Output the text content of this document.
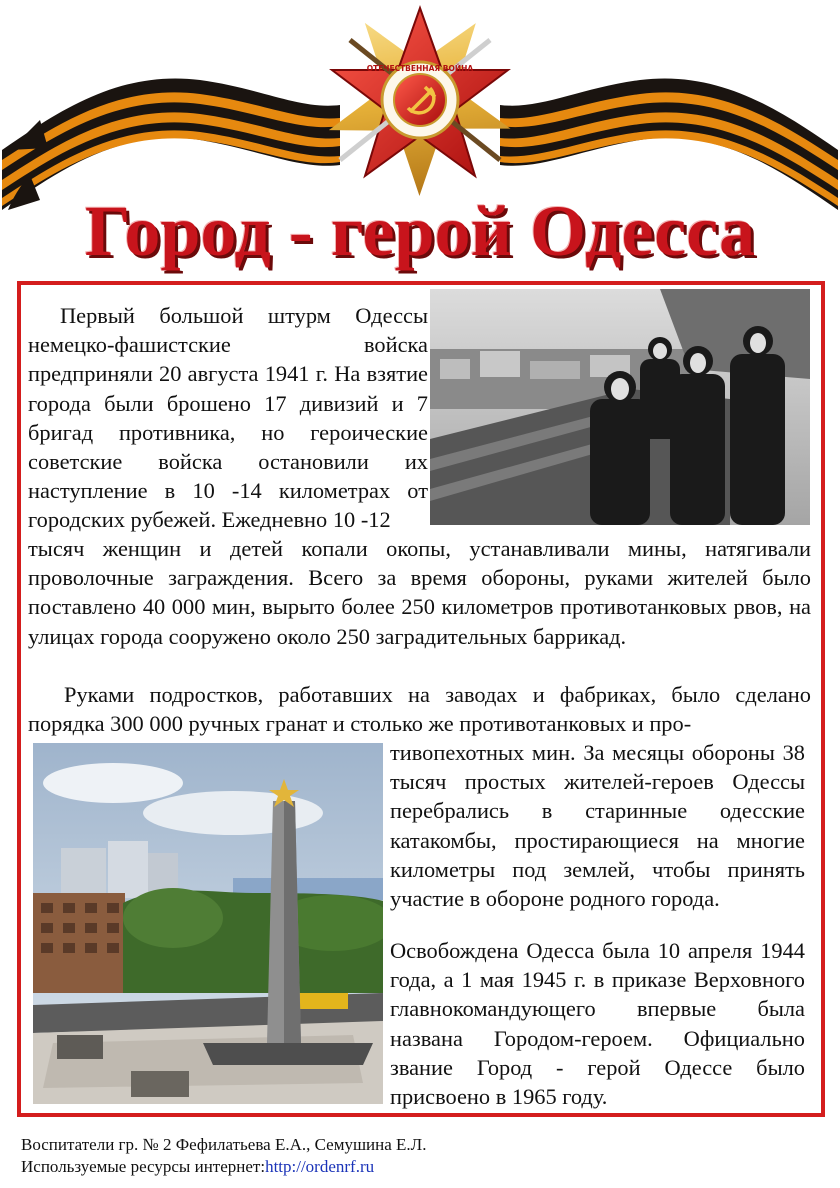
ОТЕЧЕСТВЕННАЯ ВОЙНА
Город - герой Одесса

Первый большой штурм Одессы немецко-фашистские войска предприняли 20 августа 1941 г. На взятие города были брошено 17 дивизий и 7 бригад противника, но героические советские войска остановили их наступление в 10 -14 километрах от городских рубежей. Ежедневно 10 -12

тысяч женщин и детей копали окопы, устанавливали мины, натягивали проволочные заграждения. Всего за время обороны, руками жителей было поставлено 40 000 мин, вырыто более 250 километров противотанковых рвов, на улицах города сооружено около 250 заградительных баррикад.

Руками подростков, работавших на заводах и фабриках, было сделано порядка 300 000 ручных гранат и столько же противотанковых и про-

тивопехотных мин. За месяцы обороны 38 тысяч простых жителей-героев Одессы перебрались в старинные одесские катакомбы, простирающиеся на многие километры под землей, чтобы принять участие в обороне родного города.

Освобождена Одесса была 10 апреля 1944 года, а 1 мая 1945 г. в приказе Верховного главнокомандующего впервые была названа Городом-героем. Официально звание Город - герой Одессе было присвоено в 1965 году.

Воспитатели гр. № 2 Фефилатьева Е.А., Семушина Е.Л.
Используемые ресурсы интернет:http://ordenrf.ru
